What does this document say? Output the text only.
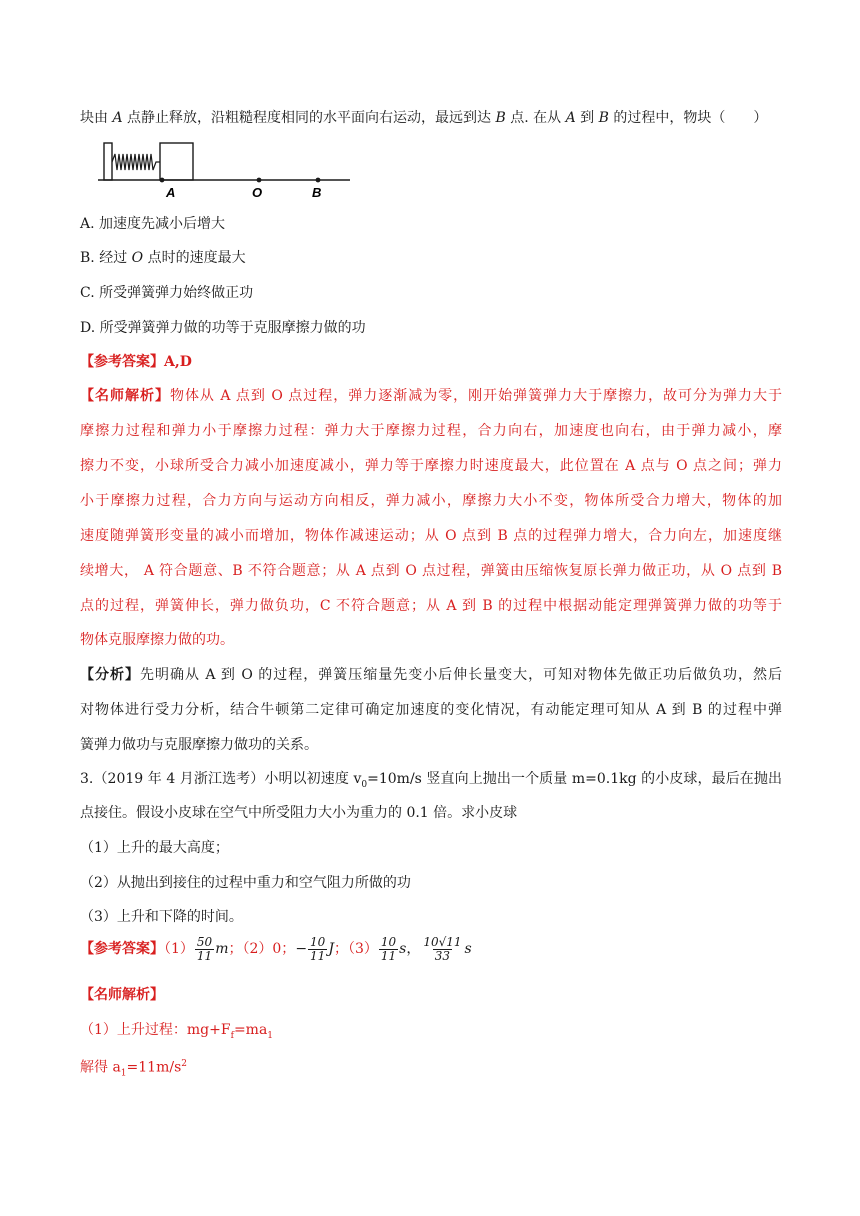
块由 A 点静止释放，沿粗糙程度相同的水平面向右运动，最远到达 B 点. 在从 A 到 B 的过程中，物块（　　）
A	O	B
A. 加速度先减小后增大
B. 经过 O 点时的速度最大
C. 所受弹簧弹力始终做正功
D. 所受弹簧弹力做的功等于克服摩擦力做的功
【参考答案】A,D
【名师解析】物体从 A 点到 O 点过程，弹力逐渐减为零，刚开始弹簧弹力大于摩擦力，故可分为弹力大于
摩擦力过程和弹力小于摩擦力过程：弹力大于摩擦力过程，合力向右，加速度也向右，由于弹力减小，摩
擦力不变，小球所受合力减小加速度减小，弹力等于摩擦力时速度最大，此位置在 A 点与 O 点之间；弹力
小于摩擦力过程，合力方向与运动方向相反，弹力减小，摩擦力大小不变，物体所受合力增大，物体的加
速度随弹簧形变量的减小而增加，物体作减速运动；从 O 点到 B 点的过程弹力增大，合力向左，加速度继
续增大， A 符合题意、B 不符合题意；从 A 点到 O 点过程，弹簧由压缩恢复原长弹力做正功，从 O 点到 B
点的过程，弹簧伸长，弹力做负功，C 不符合题意；从 A 到 B 的过程中根据动能定理弹簧弹力做的功等于
物体克服摩擦力做的功。
【分析】先明确从 A 到 O 的过程，弹簧压缩量先变小后伸长量变大，可知对物体先做正功后做负功，然后
对物体进行受力分析，结合牛顿第二定律可确定加速度的变化情况，有动能定理可知从 A 到 B 的过程中弹
簧弹力做功与克服摩擦力做功的关系。
3.（2019 年 4 月浙江选考）小明以初速度 $v_0=10m/s$ 竖直向上抛出一个质量 m=0.1kg 的小皮球，最后在抛出
点接住。假设小皮球在空气中所受阻力大小为重力的 0.1 倍。求小皮球
（1）上升的最大高度；
（2）从抛出到接住的过程中重力和空气阻力所做的功
（3）上升和下降的时间。
【参考答案】$(1) \frac{50}{11}$ m；（2）0；− $\frac{10}{11}$ J；$(3) \frac{10}{11}$ s， $\frac{10√11}{33}$ s
【名师解析】
（1）上升过程：$mg+F_f=ma_1$
解得 $a_1=11m/s^2$
